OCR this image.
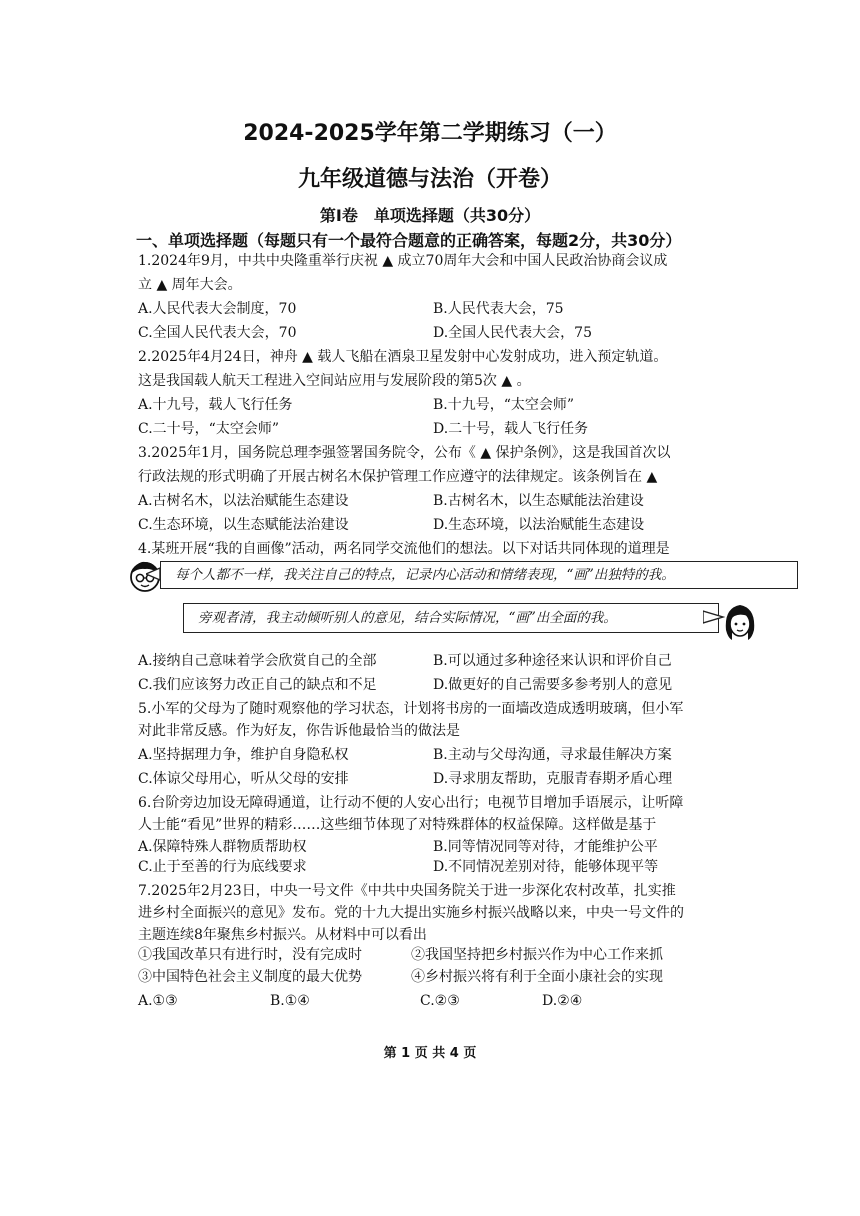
2024-2025学年第二学期练习（一）
九年级道德与法治（开卷）
第Ⅰ卷　单项选择题（共30分）
一、单项选择题（每题只有一个最符合题意的正确答案，每题2分，共30分）
1.2024年9月，中共中央隆重举行庆祝 ▲ 成立70周年大会和中国人民政治协商会议成
立 ▲ 周年大会。
A.人民代表大会制度，70	B.人民代表大会，75
C.全国人民代表大会，70	D.全国人民代表大会，75
2.2025年4月24日，神舟 ▲ 载人飞船在酒泉卫星发射中心发射成功，进入预定轨道。
这是我国载人航天工程进入空间站应用与发展阶段的第5次 ▲ 。
A.十九号，载人飞行任务	B.十九号，“太空会师”
C.二十号，“太空会师”	D.二十号，载人飞行任务
3.2025年1月，国务院总理李强签署国务院令，公布《 ▲ 保护条例》，这是我国首次以
行政法规的形式明确了开展古树名木保护管理工作应遵守的法律规定。该条例旨在 ▲
A.古树名木，以法治赋能生态建设	B.古树名木，以生态赋能法治建设
C.生态环境，以生态赋能法治建设	D.生态环境，以法治赋能生态建设
4.某班开展“我的自画像”活动，两名同学交流他们的想法。以下对话共同体现的道理是
每个人都不一样，我关注自己的特点，记录内心活动和情绪表现，“画”出独特的我。
旁观者清，我主动倾听别人的意见，结合实际情况，“画”出全面的我。
A.接纳自己意味着学会欣赏自己的全部	B.可以通过多种途径来认识和评价自己
C.我们应该努力改正自己的缺点和不足	D.做更好的自己需要多参考别人的意见
5.小军的父母为了随时观察他的学习状态，计划将书房的一面墙改造成透明玻璃，但小军
对此非常反感。作为好友，你告诉他最恰当的做法是
A.坚持据理力争，维护自身隐私权	B.主动与父母沟通，寻求最佳解决方案
C.体谅父母用心，听从父母的安排	D.寻求朋友帮助，克服青春期矛盾心理
6.台阶旁边加设无障碍通道，让行动不便的人安心出行；电视节目增加手语展示，让听障
人士能“看见”世界的精彩……这些细节体现了对特殊群体的权益保障。这样做是基于
A.保障特殊人群物质帮助权	B.同等情况同等对待，才能维护公平
C.止于至善的行为底线要求	D.不同情况差别对待，能够体现平等
7.2025年2月23日，中央一号文件《中共中央国务院关于进一步深化农村改革，扎实推
进乡村全面振兴的意见》发布。党的十九大提出实施乡村振兴战略以来，中央一号文件的
主题连续8年聚焦乡村振兴。从材料中可以看出
①我国改革只有进行时，没有完成时	②我国坚持把乡村振兴作为中心工作来抓
③中国特色社会主义制度的最大优势	④乡村振兴将有利于全面小康社会的实现
A.①③	B.①④	C.②③	D.②④
第 1 页 共 4 页
